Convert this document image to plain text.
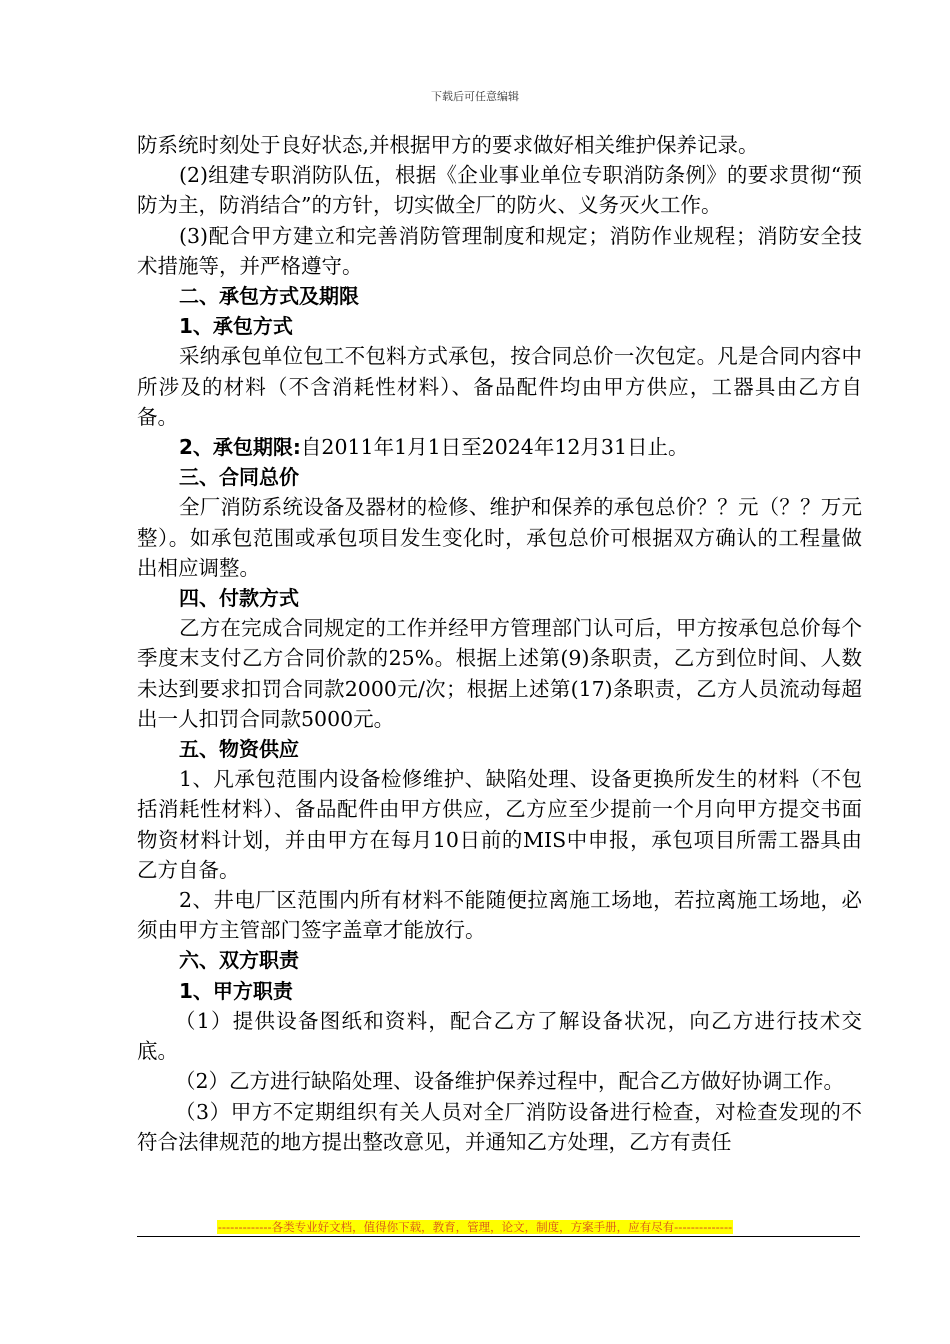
下载后可任意编辑

防系统时刻处于良好状态,并根据甲方的要求做好相关维护保养记录。

(2)组建专职消防队伍，根据《企业事业单位专职消防条例》的要求贯彻“预防为主，防消结合”的方针，切实做全厂的防火、义务灭火工作。

(3)配合甲方建立和完善消防管理制度和规定；消防作业规程；消防安全技术措施等，并严格遵守。

二、承包方式及期限

1、承包方式

采纳承包单位包工不包料方式承包，按合同总价一次包定。凡是合同内容中所涉及的材料（不含消耗性材料）、备品配件均由甲方供应，工器具由乙方自备。

2、承包期限:自2011年1月1日至2024年12月31日止。

三、合同总价

全厂消防系统设备及器材的检修、维护和保养的承包总价？？元（？？万元整）。如承包范围或承包项目发生变化时，承包总价可根据双方确认的工程量做出相应调整。

四、付款方式

乙方在完成合同规定的工作并经甲方管理部门认可后，甲方按承包总价每个季度末支付乙方合同价款的25%。根据上述第(9)条职责，乙方到位时间、人数未达到要求扣罚合同款2000元/次；根据上述第(17)条职责，乙方人员流动每超出一人扣罚合同款5000元。

五、物资供应

1、凡承包范围内设备检修维护、缺陷处理、设备更换所发生的材料（不包括消耗性材料）、备品配件由甲方供应，乙方应至少提前一个月向甲方提交书面物资材料计划，并由甲方在每月10日前的MIS中申报，承包项目所需工器具由乙方自备。

2、井电厂区范围内所有材料不能随便拉离施工场地，若拉离施工场地，必须由甲方主管部门签字盖章才能放行。

六、双方职责

1、甲方职责

（1）提供设备图纸和资料，配合乙方了解设备状况，向乙方进行技术交底。

（2）乙方进行缺陷处理、设备维护保养过程中，配合乙方做好协调工作。

（3）甲方不定期组织有关人员对全厂消防设备进行检查，对检查发现的不符合法律规范的地方提出整改意见，并通知乙方处理，乙方有责任

-------------各类专业好文档，值得你下载，教育，管理，论文，制度，方案手册，应有尽有--------------
